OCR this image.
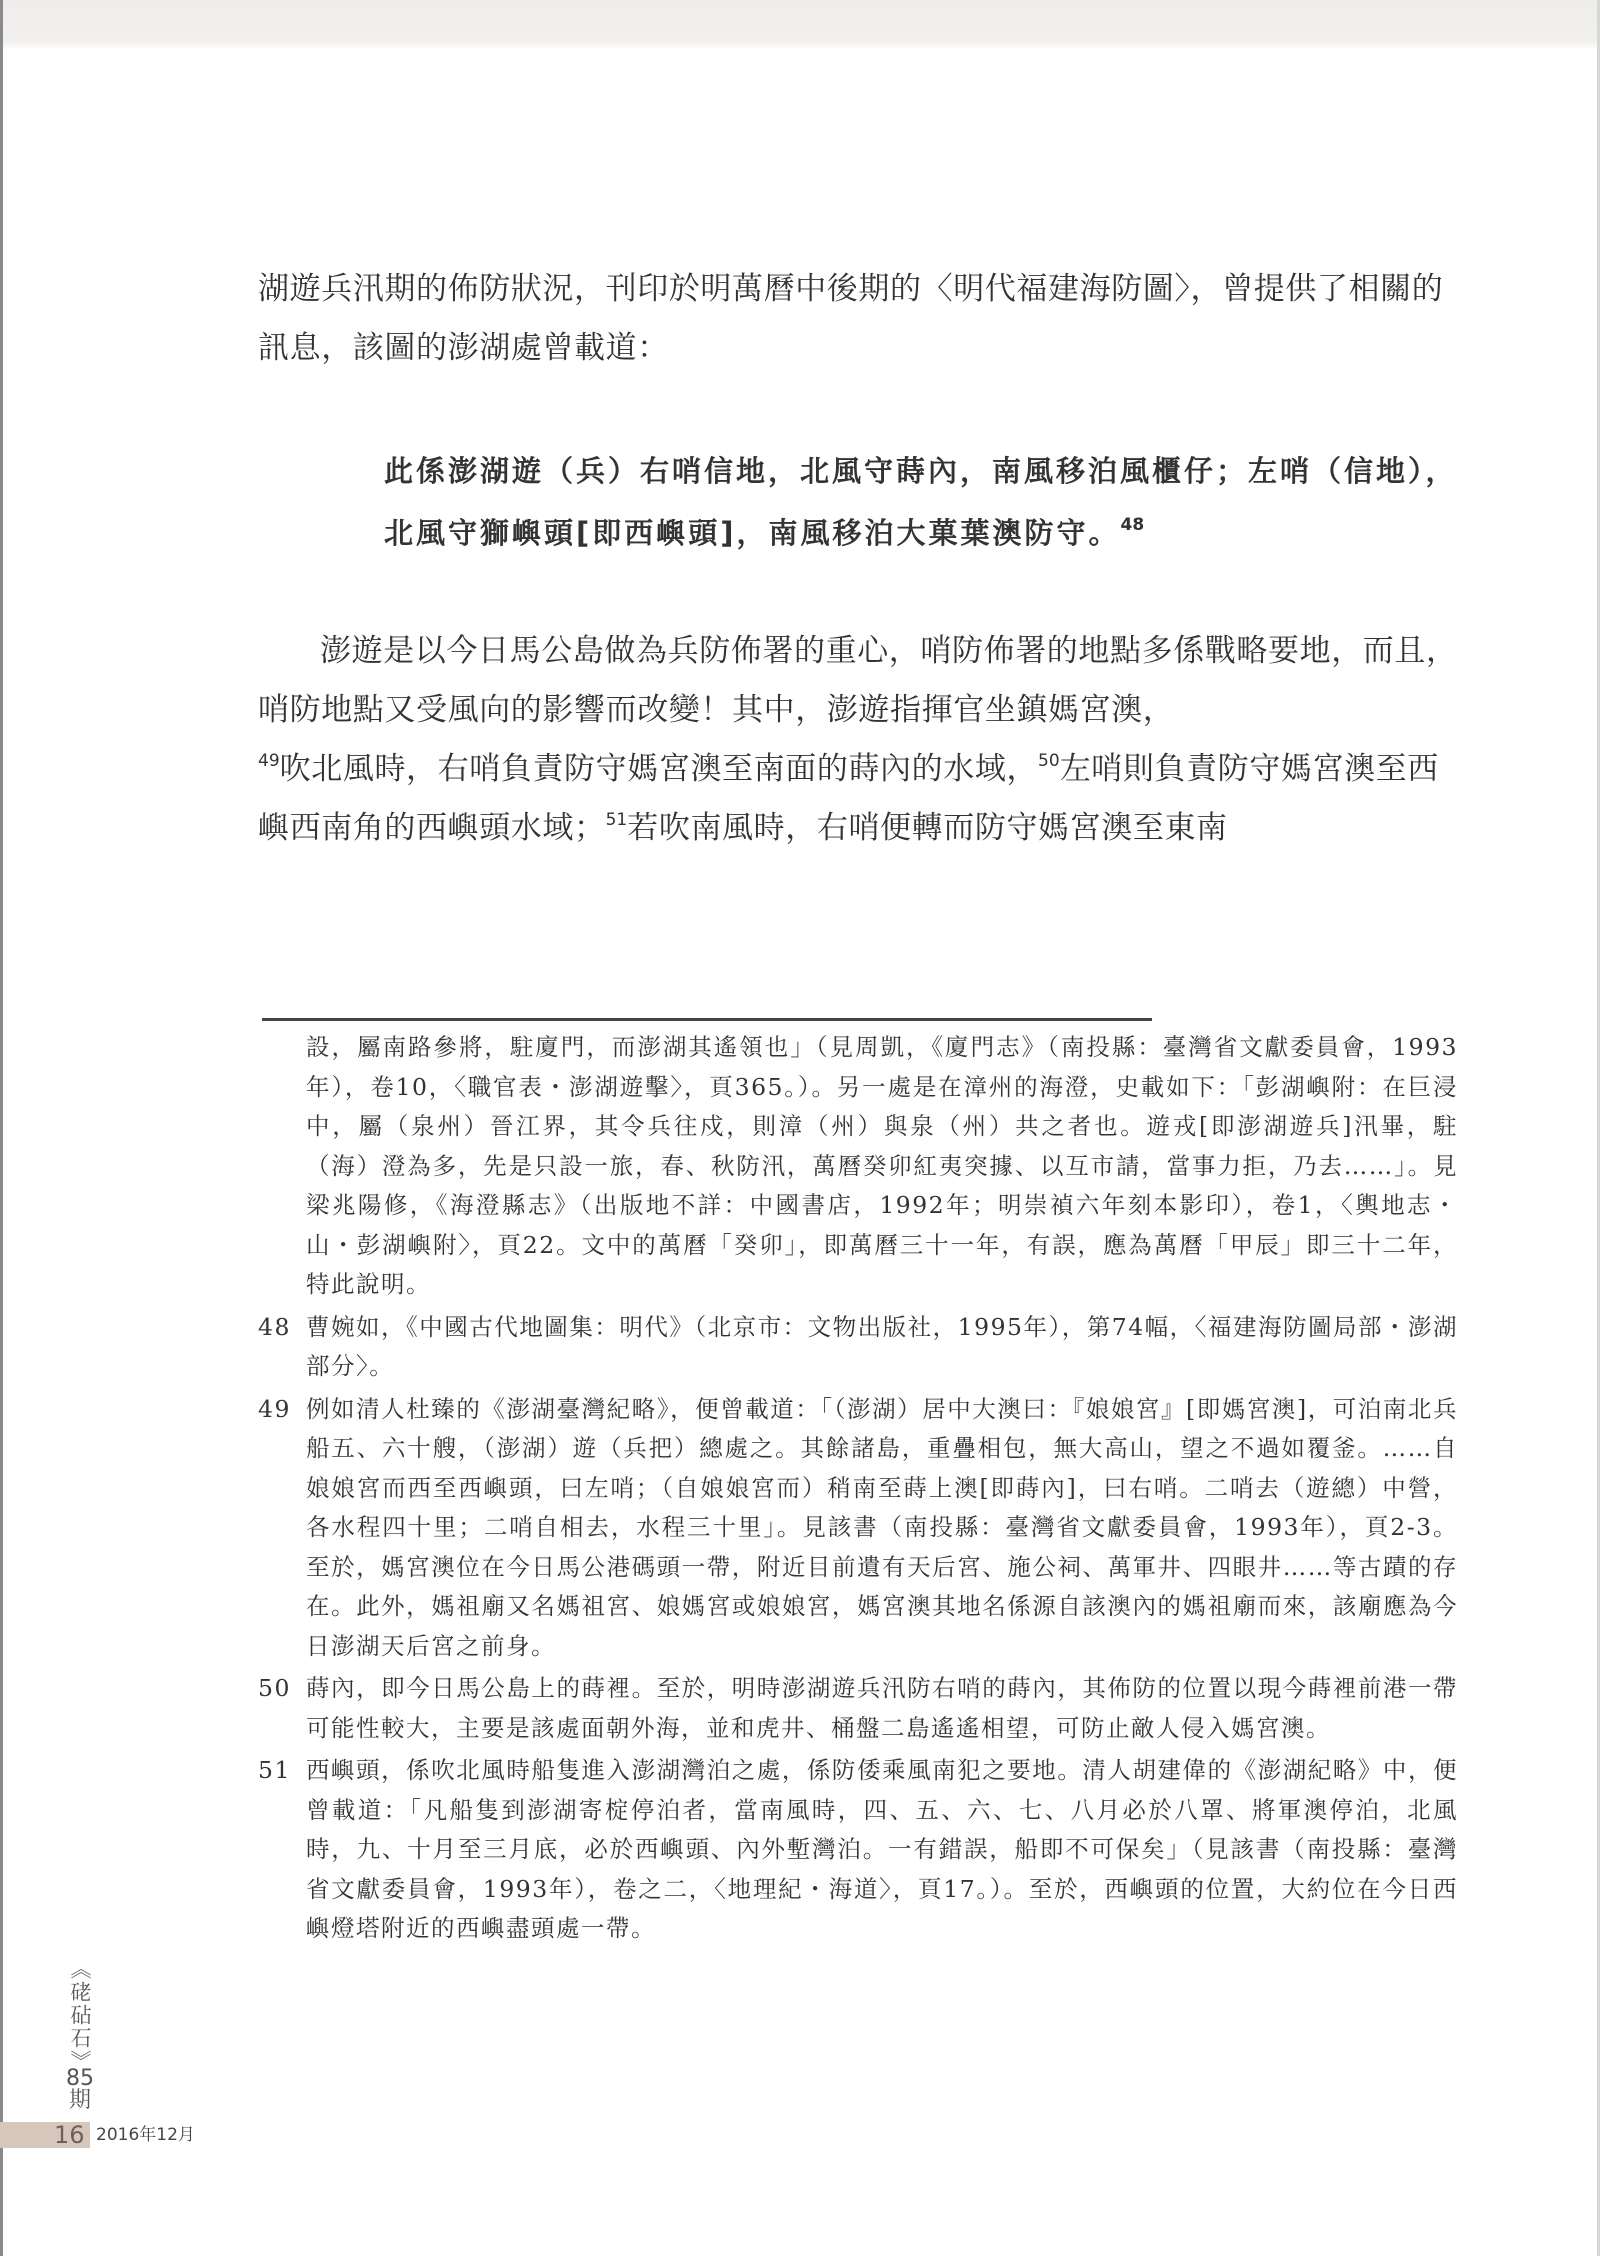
湖遊兵汛期的佈防狀況，刊印於明萬曆中後期的〈明代福建海防圖〉，曾提供了相關的訊息，該圖的澎湖處曾載道：
此係澎湖遊（兵）右哨信地，北風守蒔內，南風移泊風櫃仔；左哨（信地），北風守獅嶼頭[即西嶼頭]，南風移泊大菓葉澳防守。$^{48}$
澎遊是以今日馬公島做為兵防佈署的重心，哨防佈署的地點多係戰略要地，而且，哨防地點又受風向的影響而改變！其中，澎遊指揮官坐鎮媽宮澳，
$^{49}$吹北風時，右哨負責防守媽宮澳至南面的蒔內的水域，$^{50}$左哨則負責防守媽宮澳至西嶼西南角的西嶼頭水域；$^{51}$若吹南風時，右哨便轉而防守媽宮澳至東南
設，屬南路參將，駐廈門，而澎湖其遙領也」（見周凱，《廈門志》（南投縣：臺灣省文獻委員會，1993年），卷10，〈職官表・澎湖遊擊〉，頁365。）。另一處是在漳州的海澄，史載如下：「彭湖嶼附：在巨浸中，屬（泉州）晉江界，其令兵往戍，則漳（州）與泉（州）共之者也。遊戎[即澎湖遊兵]汛畢，駐（海）澄為多，先是只設一旅，春、秋防汛，萬曆癸卯紅夷突據、以互市請，當事力拒，乃去……」。見梁兆陽修，《海澄縣志》（出版地不詳：中國書店，1992年；明崇禎六年刻本影印），卷1，〈輿地志・山・彭湖嶼附〉，頁22。文中的萬曆「癸卯」，即萬曆三十一年，有誤，應為萬曆「甲辰」即三十二年，特此說明。
48 曹婉如，《中國古代地圖集：明代》（北京市：文物出版社，1995年），第74幅，〈福建海防圖局部・澎湖部分〉。
49 例如清人杜臻的《澎湖臺灣紀略》，便曾載道：「（澎湖）居中大澳曰：『娘娘宮』[即媽宮澳]，可泊南北兵船五、六十艘，（澎湖）遊（兵把）總處之。其餘諸島，重疊相包，無大高山，望之不過如覆釜。……自娘娘宮而西至西嶼頭，曰左哨；（自娘娘宮而）稍南至蒔上澳[即蒔內]，曰右哨。二哨去（遊總）中營，各水程四十里；二哨自相去，水程三十里」。見該書（南投縣：臺灣省文獻委員會，1993年），頁2-3。至於，媽宮澳位在今日馬公港碼頭一帶，附近目前遺有天后宮、施公祠、萬軍井、四眼井……等古蹟的存在。此外，媽祖廟又名媽祖宮、娘媽宮或娘娘宮，媽宮澳其地名係源自該澳內的媽祖廟而來，該廟應為今日澎湖天后宮之前身。
50 蒔內，即今日馬公島上的蒔裡。至於，明時澎湖遊兵汛防右哨的蒔內，其佈防的位置以現今蒔裡前港一帶可能性較大，主要是該處面朝外海，並和虎井、桶盤二島遙遙相望，可防止敵人侵入媽宮澳。
51 西嶼頭，係吹北風時船隻進入澎湖灣泊之處，係防倭乘風南犯之要地。清人胡建偉的《澎湖紀略》中，便曾載道：「凡船隻到澎湖寄椗停泊者，當南風時，四、五、六、七、八月必於八罩、將軍澳停泊，北風時，九、十月至三月底，必於西嶼頭、內外塹灣泊。一有錯誤，船即不可保矣」（見該書（南投縣：臺灣省文獻委員會，1993年），卷之二，〈地理紀・海道〉，頁17。）。至於，西嶼頭的位置，大約位在今日西嶼燈塔附近的西嶼盡頭處一帶。
《硓砧石》
85
期
16 2016年12月
